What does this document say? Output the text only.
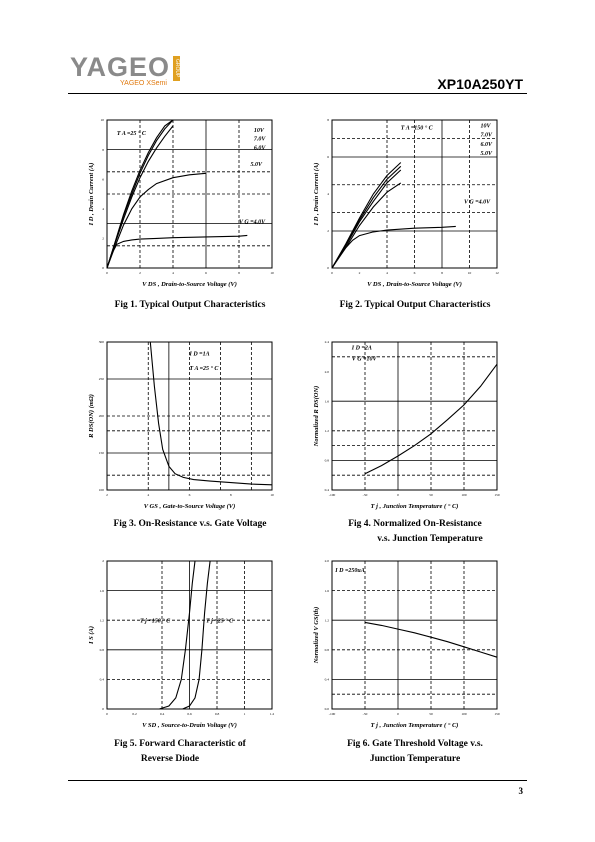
YAGEO GROUP
YAGEO XSemi	XP10A250YT
0	2	4	6	8	10
0
2
4
6
8
10
V DS , Drain-to-Source Voltage (V)
I D , Drain Current (A)
T A =25 ° C	10V
7.0V
6.0V
5.0V
V G =4.0V
0	2	4	6	8	10	12
0
2
4
6
8
V DS , Drain-to-Source Voltage (V)
I D , Drain Current (A)
T A =150 ° C	10V
7.0V
6.0V
5.0V
V G =4.0V
2	4	6	8	10
100
150
200
250
300
V GS , Gate-to-Source Voltage (V)
R DS(ON) (mΩ)
I D =1A
T A =25 ° C
-100	-50	0	50	100	150
0.4
0.8
1.2
1.6
2.0
2.4
T j , Junction Temperature ( ° C)
Normalized R DS(ON)
I D =2A
V G =10V
0	0.2	0.4	0.6	0.8	1	1.2
0
0.4
0.8
1.2
1.6
2
V SD , Source-to-Drain Voltage (V)
I S (A)
T j =150 ° C	T j =25 ° C
-100	-50	0	50	100	150
0.0
0.4
0.8
1.2
1.6
2.0
T j , Junction Temperature ( ° C)
Normalized V GS(th)
I D =250uA
Fig 1. Typical Output Characteristics	Fig 2. Typical Output Characteristics
Fig 3. On-Resistance v.s. Gate Voltage	Fig 4. Normalized On-Resistance
v.s. Junction Temperature
Fig 5. Forward Characteristic of
Reverse Diode
Fig 6. Gate Threshold Voltage v.s.
Junction Temperature
3
